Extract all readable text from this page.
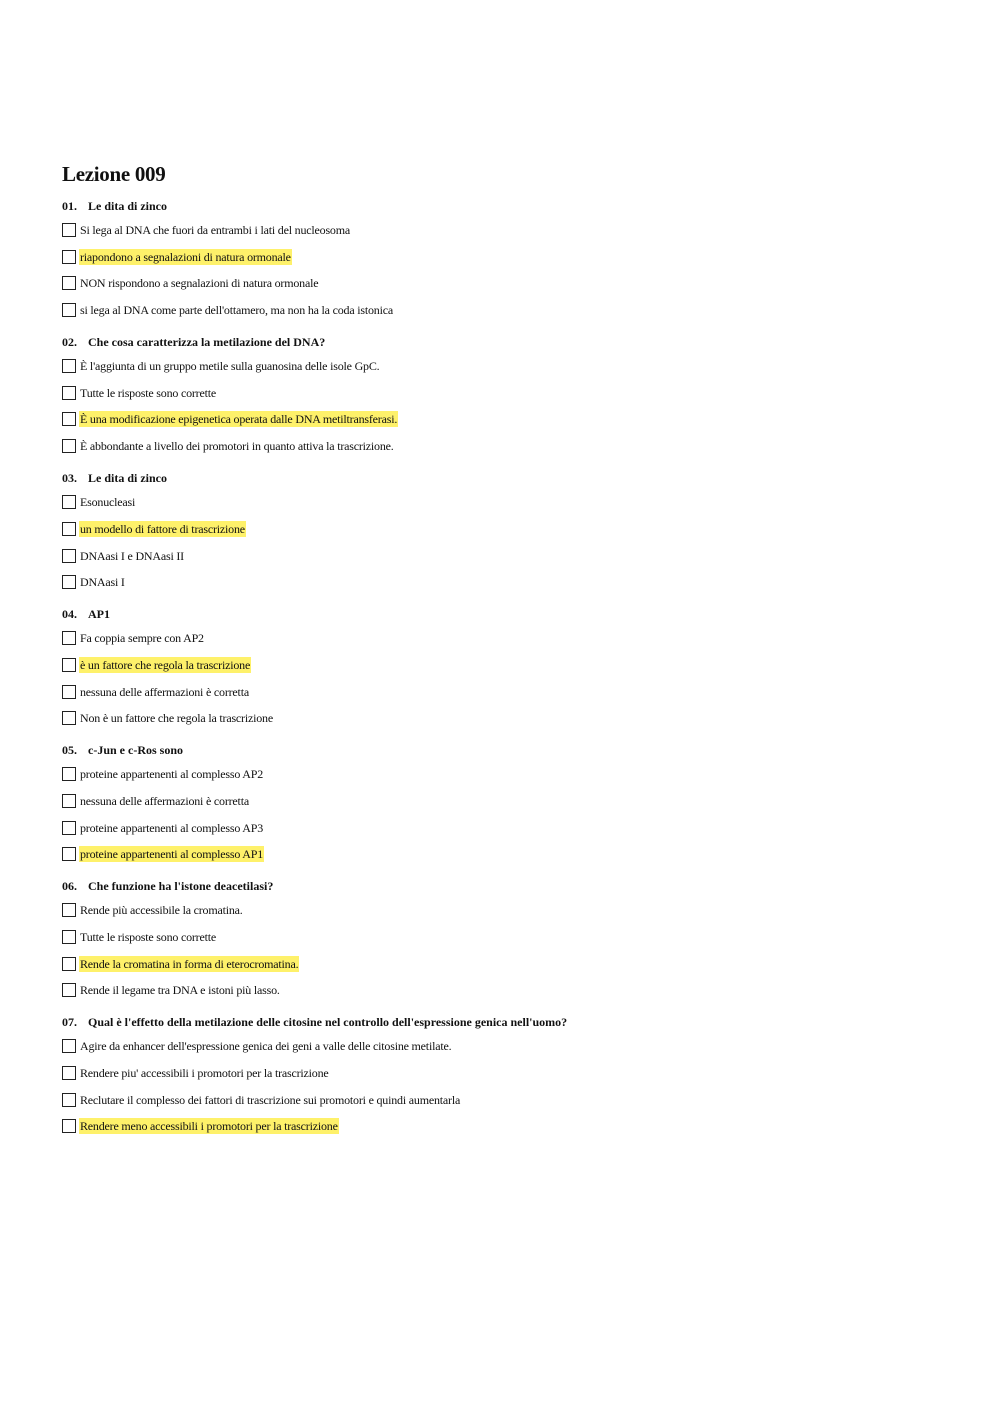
Lezione 009
01. Le dita di zinco
Si lega al DNA che fuori da entrambi i lati del nucleosoma
riapondono a segnalazioni di natura ormonale
NON rispondono a segnalazioni di natura ormonale
si lega al DNA come parte dell'ottamero, ma non ha la coda istonica
02. Che cosa caratterizza la metilazione del DNA?
È l'aggiunta di un gruppo metile sulla guanosina delle isole GpC.
Tutte le risposte sono corrette
È una modificazione epigenetica operata dalle DNA metiltransferasi.
È abbondante a livello dei promotori in quanto attiva la trascrizione.
03. Le dita di zinco
Esonucleasi
un modello di fattore di trascrizione
DNAasi I e DNAasi II
DNAasi I
04. AP1
Fa coppia sempre con AP2
è un fattore che regola la trascrizione
nessuna delle affermazioni è corretta
Non è un fattore che regola la trascrizione
05. c-Jun e c-Ros sono
proteine appartenenti al complesso AP2
nessuna delle affermazioni è corretta
proteine appartenenti al complesso AP3
proteine appartenenti al complesso AP1
06. Che funzione ha l'istone deacetilasi?
Rende più accessibile la cromatina.
Tutte le risposte sono corrette
Rende la cromatina in forma di eterocromatina.
Rende il legame tra DNA e istoni più lasso.
07. Qual è l'effetto della metilazione delle citosine nel controllo dell'espressione genica nell'uomo?
Agire da enhancer dell'espressione genica dei geni a valle delle citosine metilate.
Rendere piu' accessibili i promotori per la trascrizione
Reclutare il complesso dei fattori di trascrizione sui promotori e quindi aumentarla
Rendere meno accessibili i promotori per la trascrizione
